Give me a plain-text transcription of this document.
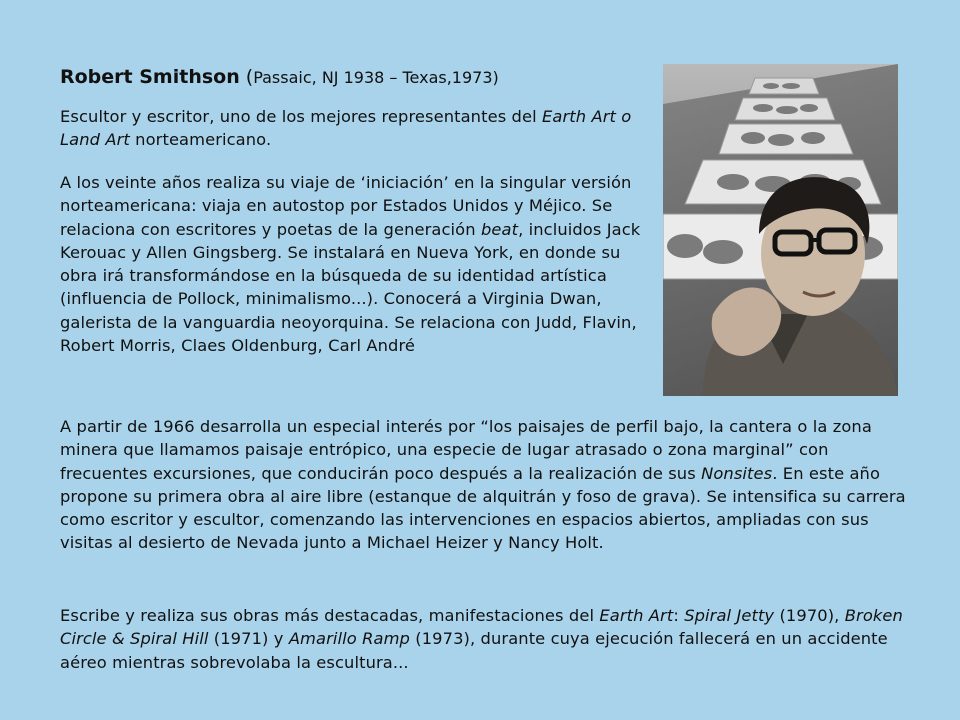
Robert Smithson (Passaic, NJ 1938 – Texas,1973)

Escultor y escritor, uno de los mejores representantes del Earth Art o Land Art norteamericano.

A los veinte años realiza su viaje de ‘iniciación’ en la singular versión norteamericana: viaja en autostop por Estados Unidos y Méjico. Se relaciona con escritores y poetas de la generación beat, incluidos Jack Kerouac y Allen Gingsberg. Se instalará en Nueva York, en donde su obra irá transformándose en la búsqueda de su identidad artística (influencia de Pollock, minimalismo...). Conocerá a Virginia Dwan, galerista de la vanguardia neoyorquina. Se relaciona con Judd, Flavin, Robert Morris, Claes Oldenburg, Carl André

A partir de 1966 desarrolla un especial interés por “los paisajes de perfil bajo, la cantera o la zona minera que llamamos paisaje entrópico, una especie de lugar atrasado o zona marginal” con frecuentes excursiones, que conducirán poco después a la realización de sus Nonsites. En este año propone su primera obra al aire libre (estanque de alquitrán y foso de grava). Se intensifica su carrera como escritor y escultor, comenzando las intervenciones en espacios abiertos, ampliadas con sus visitas al desierto de Nevada junto a Michael Heizer y Nancy Holt.

Escribe y realiza sus obras más destacadas, manifestaciones del Earth Art: Spiral Jetty (1970), Broken Circle & Spiral Hill (1971) y Amarillo Ramp (1973), durante cuya ejecución fallecerá en un accidente aéreo mientras sobrevolaba la escultura...
